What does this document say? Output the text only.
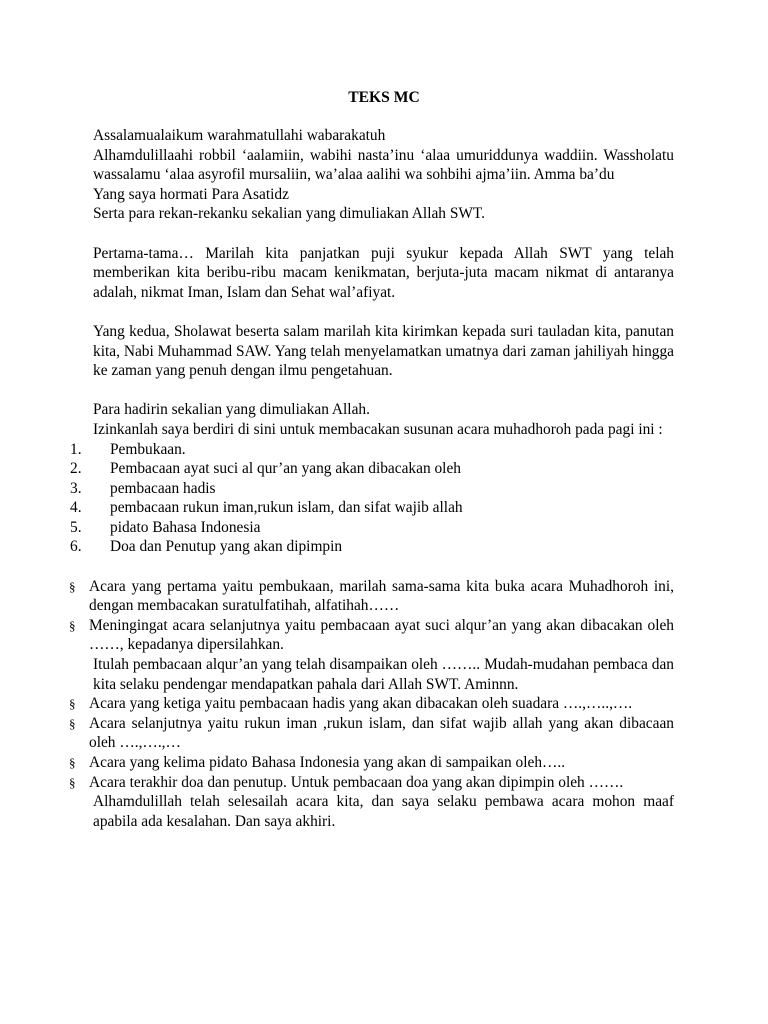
TEKS MC

Assalamualaikum warahmatullahi wabarakatuh

Alhamdulillaahi robbil ‘aalamiin, wabihi nasta’inu ‘alaa umuriddunya waddiin. Wassholatu wassalamu ‘alaa asyrofil mursaliin, wa’alaa aalihi wa sohbihi ajma’iin. Amma ba’du

Yang saya hormati Para Asatidz

Serta para rekan-rekanku sekalian yang dimuliakan Allah SWT.

Pertama-tama… Marilah kita panjatkan puji syukur kepada Allah SWT yang telah memberikan kita beribu-ribu macam kenikmatan, berjuta-juta macam nikmat di antaranya adalah, nikmat Iman, Islam dan Sehat wal’afiyat.

Yang kedua, Sholawat beserta salam marilah kita kirimkan kepada suri tauladan kita, panutan kita, Nabi Muhammad SAW. Yang telah menyelamatkan umatnya dari zaman jahiliyah hingga ke zaman yang penuh dengan ilmu pengetahuan.

Para hadirin sekalian yang dimuliakan Allah.

Izinkanlah saya berdiri di sini untuk membacakan susunan acara muhadhoroh pada pagi ini :

1. Pembukaan.
2. Pembacaan ayat suci al qur’an yang akan dibacakan oleh
3. pembacaan hadis
4. pembacaan rukun iman,rukun islam, dan sifat wajib allah
5. pidato Bahasa Indonesia
6. Doa dan Penutup yang akan dipimpin
§ Acara yang pertama yaitu pembukaan, marilah sama-sama kita buka acara Muhadhoroh ini, dengan membacakan suratulfatihah, alfatihah……
§ Meningingat acara selanjutnya yaitu pembacaan ayat suci alqur’an yang akan dibacakan oleh ……, kepadanya dipersilahkan.

Itulah pembacaan alqur’an yang telah disampaikan oleh …….. Mudah-mudahan pembaca dan kita selaku pendengar mendapatkan pahala dari Allah SWT. Aminnn.

§ Acara yang ketiga yaitu pembacaan hadis yang akan dibacakan oleh suadara ….,…..,….
§ Acara selanjutnya yaitu rukun iman ,rukun islam, dan sifat wajib allah yang akan dibacaan oleh ….,….,…
§ Acara yang kelima pidato Bahasa Indonesia yang akan di sampaikan oleh…..
§ Acara terakhir doa dan penutup. Untuk pembacaan doa yang akan dipimpin oleh …….

Alhamdulillah telah selesailah acara kita, dan saya selaku pembawa acara mohon maaf apabila ada kesalahan. Dan saya akhiri.
